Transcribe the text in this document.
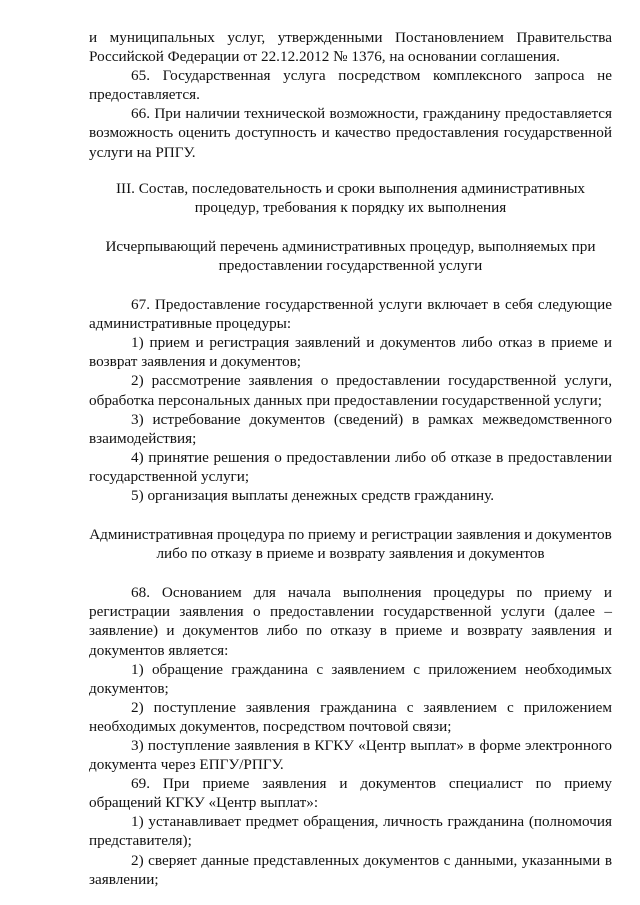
и муниципальных услуг, утвержденными Постановлением Правительства Российской Федерации от 22.12.2012 № 1376, на основании соглашения.

65. Государственная услуга посредством комплексного запроса не предоставляется.

66. При наличии технической возможности, гражданину предоставляется возможность оценить доступность и качество предоставления государственной услуги на РПГУ.

III. Состав, последовательность и сроки выполнения административных процедур, требования к порядку их выполнения

Исчерпывающий перечень административных процедур, выполняемых при предоставлении государственной услуги

67. Предоставление государственной услуги включает в себя следующие административные процедуры:

1) прием и регистрация заявлений и документов либо отказ в приеме и возврат заявления и документов;

2) рассмотрение заявления о предоставлении государственной услуги, обработка персональных данных при предоставлении государственной услуги;

3) истребование документов (сведений) в рамках межведомственного взаимодействия;

4) принятие решения о предоставлении либо об отказе в предоставлении государственной услуги;

5) организация выплаты денежных средств гражданину.

Административная процедура по приему и регистрации заявления и документов либо по отказу в приеме и возврату заявления и документов

68. Основанием для начала выполнения процедуры по приему и регистрации заявления о предоставлении государственной услуги (далее – заявление) и документов либо по отказу в приеме и возврату заявления и документов является:

1) обращение гражданина с заявлением с приложением необходимых документов;

2) поступление заявления гражданина с заявлением с приложением необходимых документов, посредством почтовой связи;

3) поступление заявления в КГКУ «Центр выплат» в форме электронного документа через ЕПГУ/РПГУ.

69. При приеме заявления и документов специалист по приему обращений КГКУ «Центр выплат»:

1) устанавливает предмет обращения, личность гражданина (полномочия представителя);

2) сверяет данные представленных документов с данными, указанными в заявлении;
